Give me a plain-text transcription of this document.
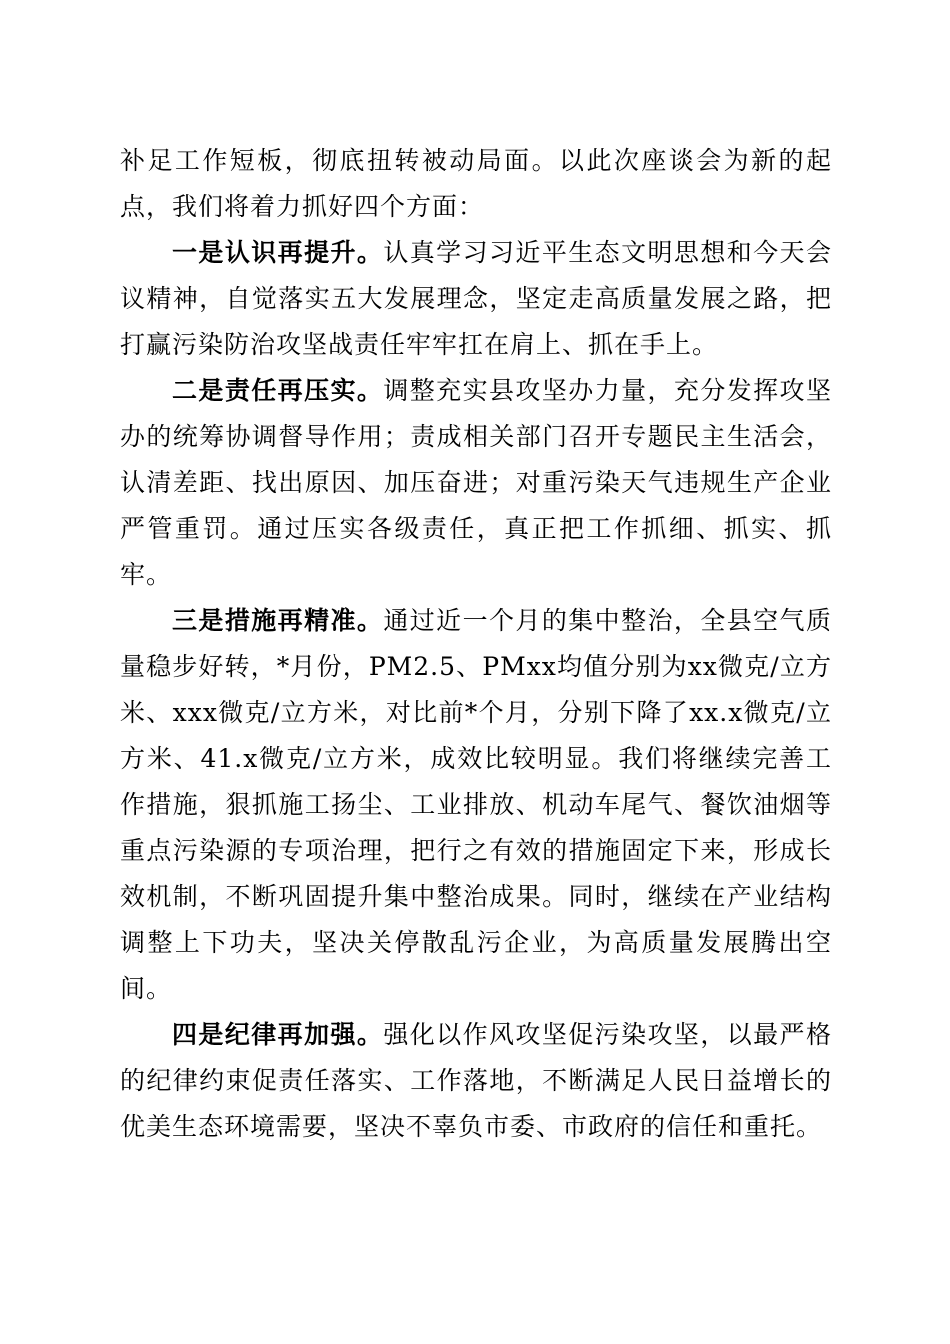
补足工作短板，彻底扭转被动局面。以此次座谈会为新的起点，我们将着力抓好四个方面：

一是认识再提升。认真学习习近平生态文明思想和今天会议精神，自觉落实五大发展理念，坚定走高质量发展之路，把打赢污染防治攻坚战责任牢牢扛在肩上、抓在手上。

二是责任再压实。调整充实县攻坚办力量，充分发挥攻坚办的统筹协调督导作用；责成相关部门召开专题民主生活会，认清差距、找出原因、加压奋进；对重污染天气违规生产企业严管重罚。通过压实各级责任，真正把工作抓细、抓实、抓牢。

三是措施再精准。通过近一个月的集中整治，全县空气质量稳步好转，*月份，PM2.5、PMxx均值分别为xx微克/立方米、xxx微克/立方米，对比前*个月，分别下降了xx.x微克/立方米、41.x微克/立方米，成效比较明显。我们将继续完善工作措施，狠抓施工扬尘、工业排放、机动车尾气、餐饮油烟等重点污染源的专项治理，把行之有效的措施固定下来，形成长效机制，不断巩固提升集中整治成果。同时，继续在产业结构调整上下功夫，坚决关停散乱污企业，为高质量发展腾出空间。

四是纪律再加强。强化以作风攻坚促污染攻坚，以最严格的纪律约束促责任落实、工作落地，不断满足人民日益增长的优美生态环境需要，坚决不辜负市委、市政府的信任和重托。
